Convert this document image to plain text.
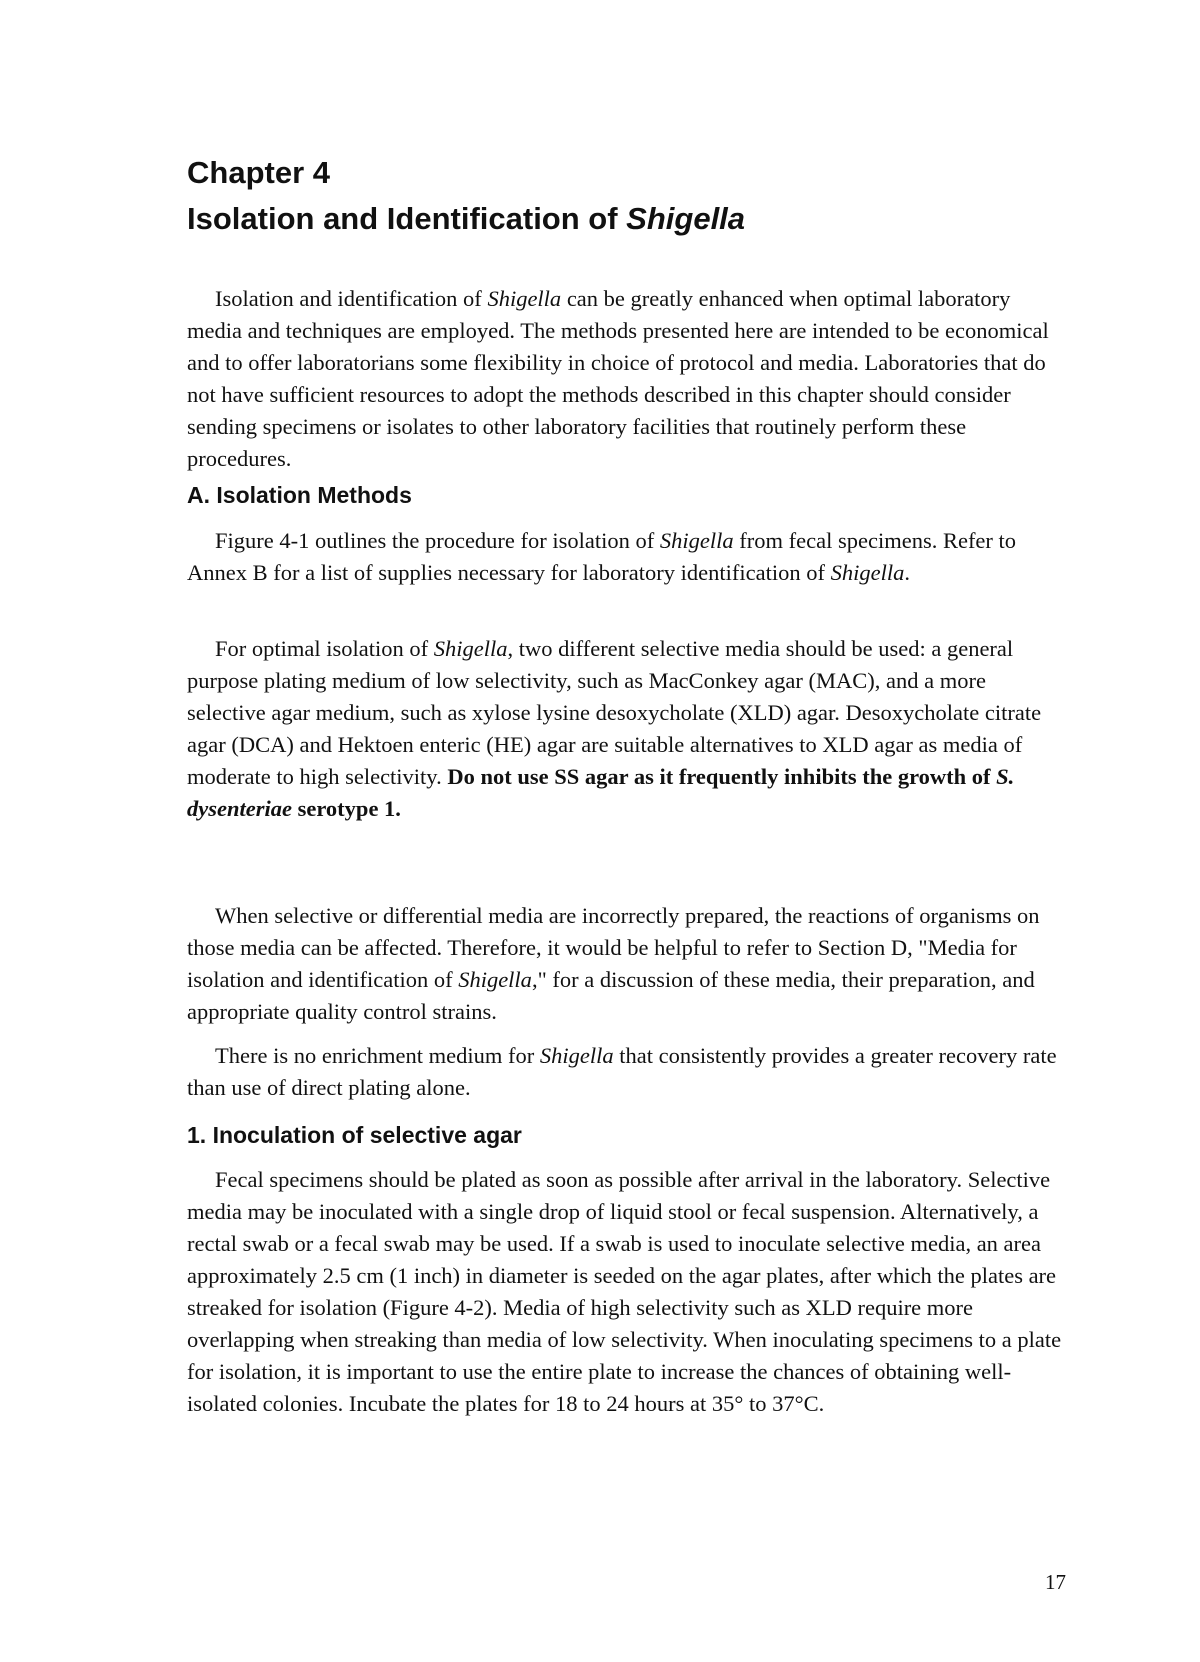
Chapter 4
Isolation and Identification of Shigella

Isolation and identification of Shigella can be greatly enhanced when optimal laboratory media and techniques are employed. The methods presented here are intended to be economical and to offer laboratorians some flexibility in choice of protocol and media. Laboratories that do not have sufficient resources to adopt the methods described in this chapter should consider sending specimens or isolates to other laboratory facilities that routinely perform these procedures.

A. Isolation Methods

Figure 4-1 outlines the procedure for isolation of Shigella from fecal specimens. Refer to Annex B for a list of supplies necessary for laboratory identification of Shigella.

For optimal isolation of Shigella, two different selective media should be used: a general purpose plating medium of low selectivity, such as MacConkey agar (MAC), and a more selective agar medium, such as xylose lysine desoxycholate (XLD) agar. Desoxycholate citrate agar (DCA) and Hektoen enteric (HE) agar are suitable alternatives to XLD agar as media of moderate to high selectivity. Do not use SS agar as it frequently inhibits the growth of S. dysenteriae serotype 1.

When selective or differential media are incorrectly prepared, the reactions of organisms on those media can be affected. Therefore, it would be helpful to refer to Section D, "Media for isolation and identification of Shigella," for a discussion of these media, their preparation, and appropriate quality control strains.

There is no enrichment medium for Shigella that consistently provides a greater recovery rate than use of direct plating alone.

1. Inoculation of selective agar

Fecal specimens should be plated as soon as possible after arrival in the laboratory. Selective media may be inoculated with a single drop of liquid stool or fecal suspension. Alternatively, a rectal swab or a fecal swab may be used. If a swab is used to inoculate selective media, an area approximately 2.5 cm (1 inch) in diameter is seeded on the agar plates, after which the plates are streaked for isolation (Figure 4-2). Media of high selectivity such as XLD require more overlapping when streaking than media of low selectivity. When inoculating specimens to a plate for isolation, it is important to use the entire plate to increase the chances of obtaining well-isolated colonies. Incubate the plates for 18 to 24 hours at 35° to 37°C.

17
